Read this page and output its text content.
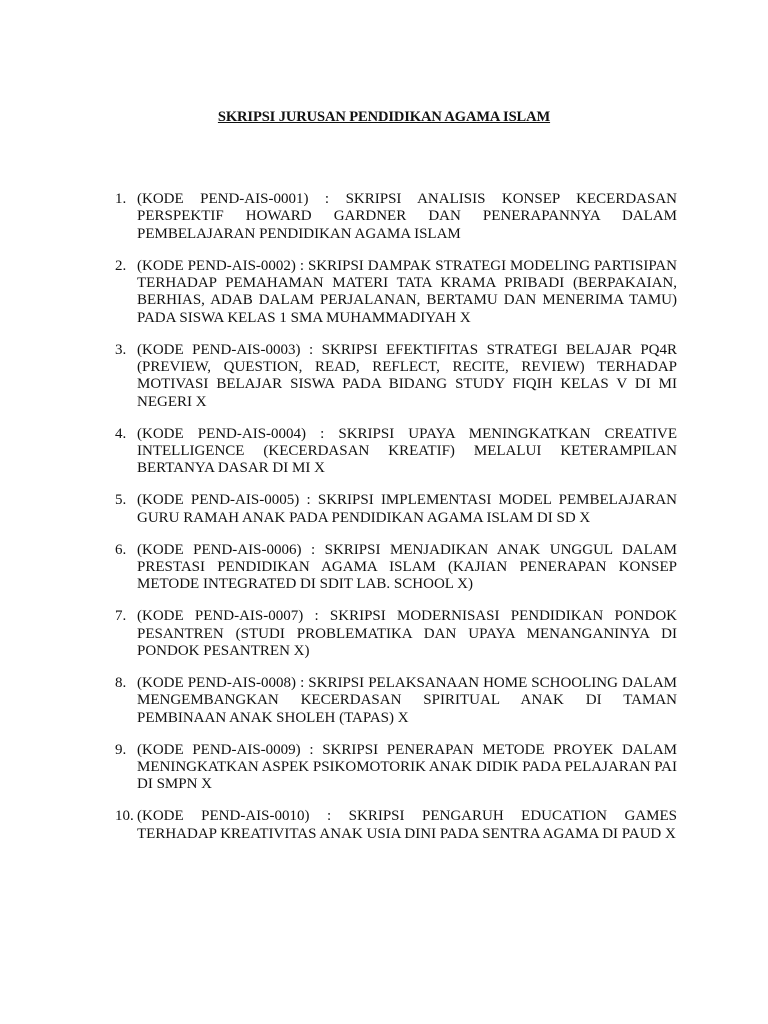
SKRIPSI JURUSAN PENDIDIKAN AGAMA ISLAM
1. (KODE PEND-AIS-0001) : SKRIPSI ANALISIS KONSEP KECERDASAN PERSPEKTIF HOWARD GARDNER DAN PENERAPANNYA DALAM PEMBELAJARAN PENDIDIKAN AGAMA ISLAM
2. (KODE PEND-AIS-0002) : SKRIPSI DAMPAK STRATEGI MODELING PARTISIPAN TERHADAP PEMAHAMAN MATERI TATA KRAMA PRIBADI (BERPAKAIAN, BERHIAS, ADAB DALAM PERJALANAN, BERTAMU DAN MENERIMA TAMU) PADA SISWA KELAS 1 SMA MUHAMMADIYAH X
3. (KODE PEND-AIS-0003) : SKRIPSI EFEKTIFITAS STRATEGI BELAJAR PQ4R (PREVIEW, QUESTION, READ, REFLECT, RECITE, REVIEW) TERHADAP MOTIVASI BELAJAR SISWA PADA BIDANG STUDY FIQIH KELAS V DI MI NEGERI X
4. (KODE PEND-AIS-0004) : SKRIPSI UPAYA MENINGKATKAN CREATIVE INTELLIGENCE (KECERDASAN KREATIF) MELALUI KETERAMPILAN BERTANYA DASAR DI MI X
5. (KODE PEND-AIS-0005) : SKRIPSI IMPLEMENTASI MODEL PEMBELAJARAN GURU RAMAH ANAK PADA PENDIDIKAN AGAMA ISLAM DI SD X
6. (KODE PEND-AIS-0006) : SKRIPSI MENJADIKAN ANAK UNGGUL DALAM PRESTASI PENDIDIKAN AGAMA ISLAM (KAJIAN PENERAPAN KONSEP METODE INTEGRATED DI SDIT LAB. SCHOOL X)
7. (KODE PEND-AIS-0007) : SKRIPSI MODERNISASI PENDIDIKAN PONDOK PESANTREN (STUDI PROBLEMATIKA DAN UPAYA MENANGANINYA DI PONDOK PESANTREN X)
8. (KODE PEND-AIS-0008) : SKRIPSI PELAKSANAAN HOME SCHOOLING DALAM MENGEMBANGKAN KECERDASAN SPIRITUAL ANAK DI TAMAN PEMBINAAN ANAK SHOLEH (TAPAS) X
9. (KODE PEND-AIS-0009) : SKRIPSI PENERAPAN METODE PROYEK DALAM MENINGKATKAN ASPEK PSIKOMOTORIK ANAK DIDIK PADA PELAJARAN PAI DI SMPN X
10. (KODE PEND-AIS-0010) : SKRIPSI PENGARUH EDUCATION GAMES TERHADAP KREATIVITAS ANAK USIA DINI PADA SENTRA AGAMA DI PAUD X
